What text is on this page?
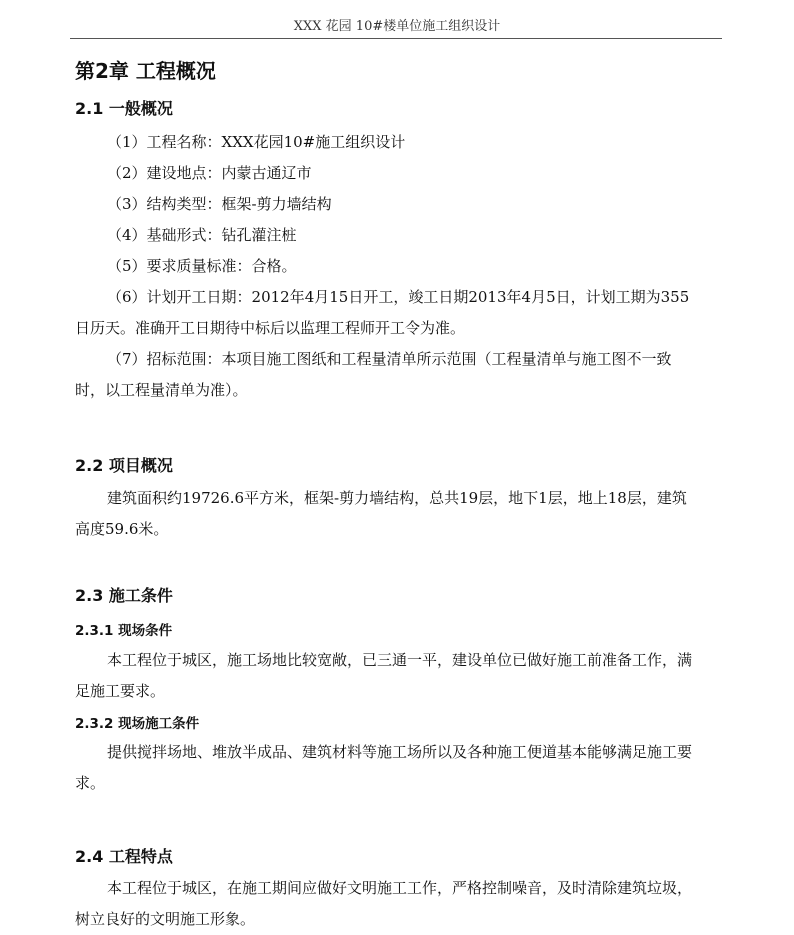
XXX 花园 10#楼单位施工组织设计
第2章 工程概况
2.1 一般概况

（1）工程名称：XXX花园10#施工组织设计

（2）建设地点：内蒙古通辽市

（3）结构类型：框架-剪力墙结构

（4）基础形式：钻孔灌注桩

（5）要求质量标准：合格。

（6）计划开工日期：2012年4月15日开工，竣工日期2013年4月5日，计划工期为355日历天。准确开工日期待中标后以监理工程师开工令为准。

（7）招标范围：本项目施工图纸和工程量清单所示范围（工程量清单与施工图不一致时，以工程量清单为准）。

2.2 项目概况

建筑面积约19726.6平方米，框架-剪力墙结构，总共19层，地下1层，地上18层，建筑高度59.6米。

2.3 施工条件
2.3.1 现场条件

本工程位于城区，施工场地比较宽敞，已三通一平，建设单位已做好施工前准备工作，满足施工要求。

2.3.2 现场施工条件

提供搅拌场地、堆放半成品、建筑材料等施工场所以及各种施工便道基本能够满足施工要求。

2.4 工程特点

本工程位于城区，在施工期间应做好文明施工工作，严格控制噪音，及时清除建筑垃圾，树立良好的文明施工形象。
